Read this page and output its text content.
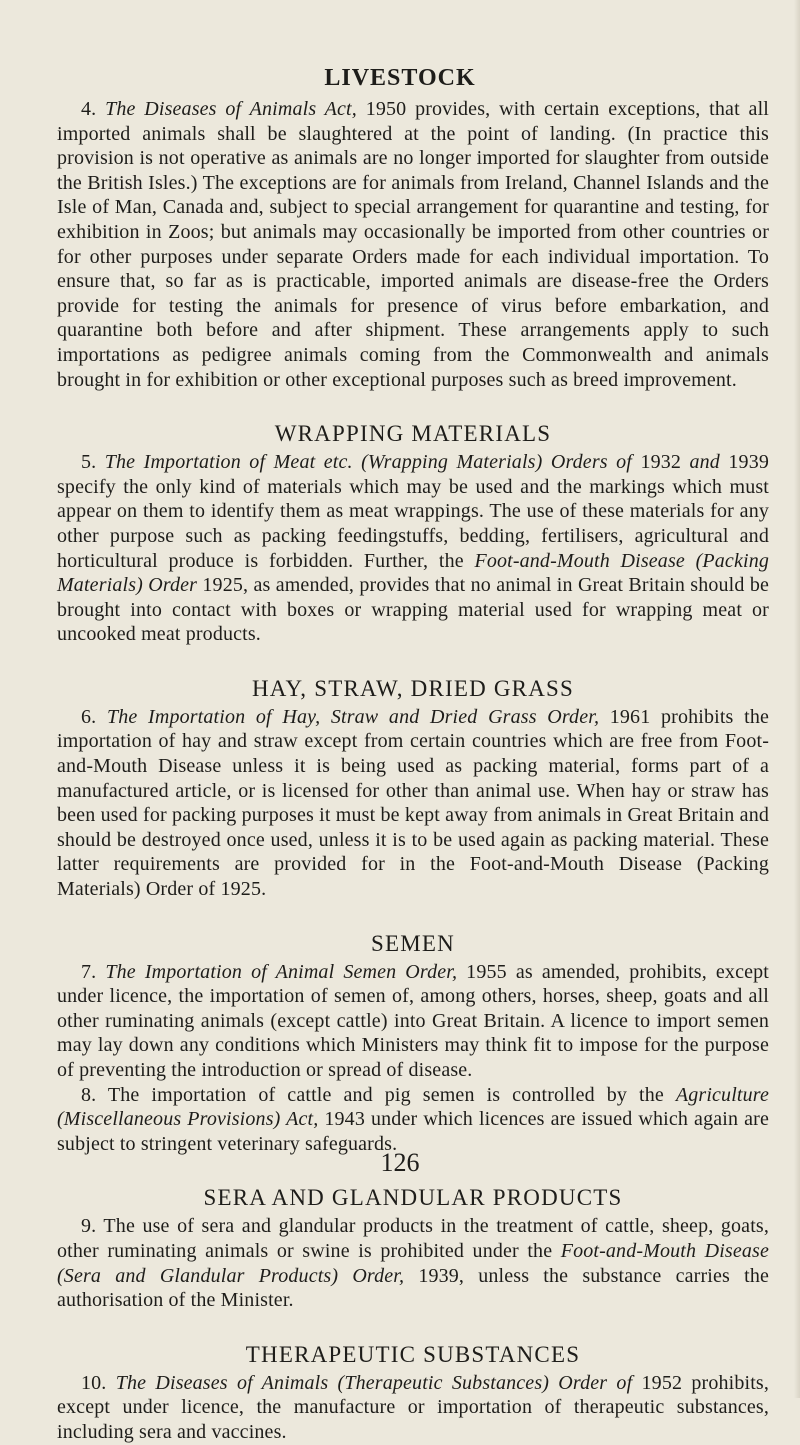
LIVESTOCK

4. The Diseases of Animals Act, 1950 provides, with certain exceptions, that all imported animals shall be slaughtered at the point of landing. (In practice this provision is not operative as animals are no longer imported for slaughter from outside the British Isles.) The exceptions are for animals from Ireland, Channel Islands and the Isle of Man, Canada and, subject to special arrangement for quarantine and testing, for exhibition in Zoos; but animals may occasionally be imported from other countries or for other purposes under separate Orders made for each individual importation. To ensure that, so far as is practicable, imported animals are disease-free the Orders provide for testing the animals for presence of virus before embarkation, and quarantine both before and after shipment. These arrangements apply to such importations as pedigree animals coming from the Commonwealth and animals brought in for exhibition or other exceptional purposes such as breed improvement.

WRAPPING MATERIALS

5. The Importation of Meat etc. (Wrapping Materials) Orders of 1932 and 1939 specify the only kind of materials which may be used and the markings which must appear on them to identify them as meat wrappings. The use of these materials for any other purpose such as packing feedingstuffs, bedding, fertilisers, agricultural and horticultural produce is forbidden. Further, the Foot-and-Mouth Disease (Packing Materials) Order 1925, as amended, provides that no animal in Great Britain should be brought into contact with boxes or wrapping material used for wrapping meat or uncooked meat products.

HAY, STRAW, DRIED GRASS

6. The Importation of Hay, Straw and Dried Grass Order, 1961 prohibits the importation of hay and straw except from certain countries which are free from Foot-and-Mouth Disease unless it is being used as packing material, forms part of a manufactured article, or is licensed for other than animal use. When hay or straw has been used for packing purposes it must be kept away from animals in Great Britain and should be destroyed once used, unless it is to be used again as packing material. These latter requirements are provided for in the Foot-and-Mouth Disease (Packing Materials) Order of 1925.

SEMEN

7. The Importation of Animal Semen Order, 1955 as amended, prohibits, except under licence, the importation of semen of, among others, horses, sheep, goats and all other ruminating animals (except cattle) into Great Britain. A licence to import semen may lay down any conditions which Ministers may think fit to impose for the purpose of preventing the introduction or spread of disease.

8. The importation of cattle and pig semen is controlled by the Agriculture (Miscellaneous Provisions) Act, 1943 under which licences are issued which again are subject to stringent veterinary safeguards.

SERA AND GLANDULAR PRODUCTS

9. The use of sera and glandular products in the treatment of cattle, sheep, goats, other ruminating animals or swine is prohibited under the Foot-and-Mouth Disease (Sera and Glandular Products) Order, 1939, unless the substance carries the authorisation of the Minister.

THERAPEUTIC SUBSTANCES

10. The Diseases of Animals (Therapeutic Substances) Order of 1952 prohibits, except under licence, the manufacture or importation of therapeutic substances, including sera and vaccines.

126
